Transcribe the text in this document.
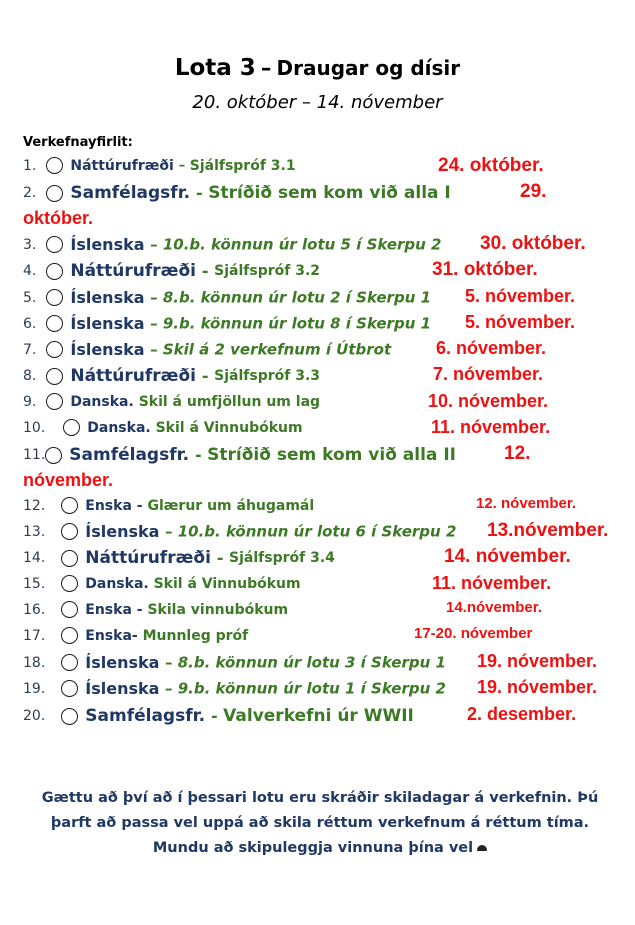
Lota 3 – Draugar og dísir
20. október – 14. nóvember
Verkefnayfirlit:
1. Náttúrufræði – Sjálfspróf 3.1	24. október.
2. Samfélagsfr. - Stríðið sem kom við alla I	29.
október.
3. Íslenska – 10.b. könnun úr lotu 5 í Skerpu 2	30. október.
4. Náttúrufræði - Sjálfspróf 3.2	31. október.
5. Íslenska – 8.b. könnun úr lotu 2 í Skerpu 1	5. nóvember.
6. Íslenska – 9.b. könnun úr lotu 8 í Skerpu 1	5. nóvember.
7. Íslenska – Skil á 2 verkefnum í Útbrot	6. nóvember.
8. Náttúrufræði - Sjálfspróf 3.3	7. nóvember.
9. Danska. Skil á umfjöllun um lag	10. nóvember.
10.	Danska. Skil á Vinnubókum	11. nóvember.
11. Samfélagsfr. - Stríðið sem kom við alla II	12.
nóvember.
12.	Enska - Glærur um áhugamál	12. nóvember.
13.	Íslenska – 10.b. könnun úr lotu 6 í Skerpu 2	13.nóvember.
14. Náttúrufræði - Sjálfspróf 3.4	14. nóvember.
15.	Danska. Skil á Vinnubókum	11. nóvember.
16.	Enska - Skila vinnubókum	14.nóvember.
17.	Enska- Munnleg próf	17-20. nóvember
18.	Íslenska – 8.b. könnun úr lotu 3 í Skerpu 1	19. nóvember.
19.	Íslenska – 9.b. könnun úr lotu 1 í Skerpu 2	19. nóvember.
20. Samfélagsfr. - Valverkefni úr WWII	2. desember.
Gættu að því að í þessari lotu eru skráðir skiladagar á verkefnin. Þú
þarft að passa vel uppá að skila réttum verkefnum á réttum tíma.
Mundu að skipuleggja vinnuna þína vel
